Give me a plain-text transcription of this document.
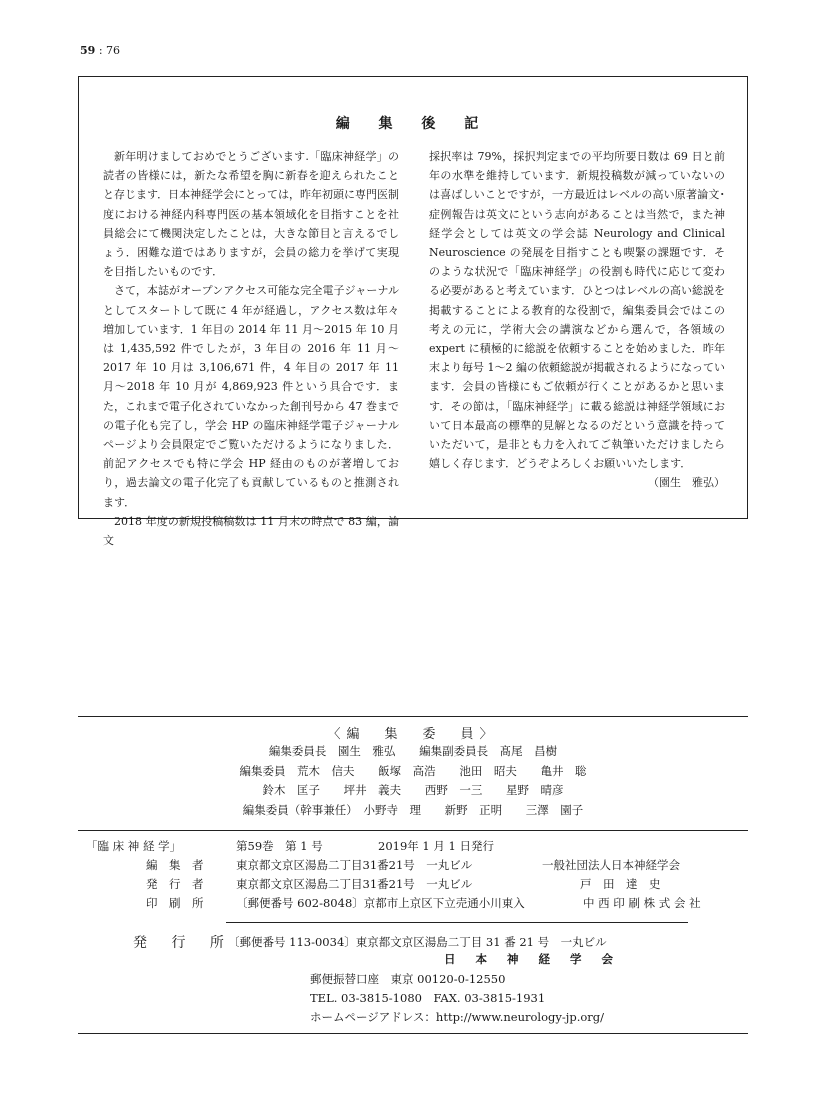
59 : 76
編 集 後 記

新年明けましておめでとうございます.「臨床神経学」の読者の皆様には，新たな希望を胸に新春を迎えられたことと存じます．日本神経学会にとっては，昨年初頭に専門医制度における神経内科専門医の基本領域化を目指すことを社員総会にて機関決定したことは，大きな節目と言えるでしょう．困難な道ではありますが，会員の総力を挙げて実現を目指したいものです．

さて，本誌がオープンアクセス可能な完全電子ジャーナルとしてスタートして既に 4 年が経過し，アクセス数は年々増加しています．1 年目の 2014 年 11 月〜2015 年 10 月は 1,435,592 件でしたが，3 年目の 2016 年 11 月〜2017 年 10 月は 3,106,671 件，4 年目の 2017 年 11 月〜2018 年 10 月が 4,869,923 件という具合です．また，これまで電子化されていなかった創刊号から 47 巻までの電子化も完了し，学会 HP の臨床神経学電子ジャーナルページより会員限定でご覧いただけるようになりました．前記アクセスでも特に学会 HP 経由のものが著増しており，過去論文の電子化完了も貢献しているものと推測されます．

2018 年度の新規投稿稿数は 11 月末の時点で 83 編，論文

採択率は 79%，採択判定までの平均所要日数は 69 日と前年の水準を維持しています．新規投稿数が減っていないのは喜ばしいことですが，一方最近はレベルの高い原著論文･症例報告は英文にという志向があることは当然で，また神経学会としては英文の学会誌 Neurology and Clinical Neuroscience の発展を目指すことも喫緊の課題です．そのような状況で「臨床神経学」の役割も時代に応じて変わる必要があると考えています．ひとつはレベルの高い総説を掲載することによる教育的な役割で，編集委員会ではこの考えの元に，学術大会の講演などから選んで，各領域の expert に積極的に総説を依頼することを始めました．昨年末より毎号 1〜2 編の依頼総説が掲載されるようになっています．会員の皆様にもご依頼が行くことがあるかと思います．その節は，「臨床神経学」に載る総説は神経学領域において日本最高の標準的見解となるのだという意識を持っていただいて，是非とも力を入れてご執筆いただけましたら嬉しく存じます．どうぞよろしくお願いいたします．

（園生　雅弘）

〈編　集　委　員〉
編集委員長　園生　雅弘 編集副委員長　髙尾　昌樹
編集委員　荒木　信夫 飯塚　高浩 池田　昭夫 亀井　聡
鈴木　匡子 坪井　義夫 西野　一三 星野　晴彦
編集委員（幹事兼任）　小野寺　理 新野　正明 三澤　園子
「臨 床 神 経 学」	第59巻　第 1 号	2019年 1 月 1 日発行
編　集　者	東京都文京区湯島二丁目31番21号　一丸ビル	一般社団法人日本神経学会
発　行　者	東京都文京区湯島二丁目31番21号　一丸ビル	戸　田　達　史
印　刷　所	〔郵便番号 602-8048〕京都市上京区下立売通小川東入	中 西 印 刷 株 式 会 社
発 行 所
〔郵便番号 113-0034〕東京都文京区湯島二丁目 31 番 21 号　一丸ビル
日 本 神 経 学 会
郵便振替口座　東京 00120-0-12550
TEL. 03-3815-1080　FAX. 03-3815-1931
ホームページアドレス：http://www.neurology-jp.org/
